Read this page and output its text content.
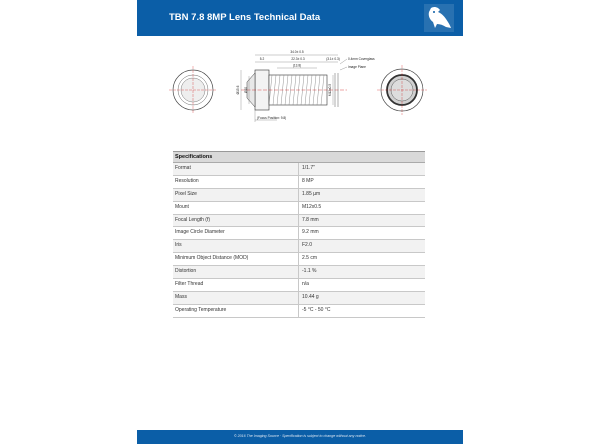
TBN 7.8 8MP Lens Technical Data
34.0± 0.5
5.2	22.3± 0.3
(13.8)
(3.1± 0.3)
Ø15.6 Ø10	M12x0.5
0.4mm Coverglass
Image Plane
(Focus Position: 9.8)
Specifications
Format	1/1.7"
Resolution	8 MP
Pixel Size	1.85 µm
Mount	M12x0.5
Focal Length (f)	7.8 mm
Image Circle Diameter	9.2 mm
Iris	F2.0
Minimum Object Distance (MOD)	2.5 cm
Distortion	-1.1 %
Filter Thread	n/a
Mass	10.44 g
Operating Temperature	-5 °C - 50 °C
© 2016 The Imaging Source · Specification is subject to change without any notice.
